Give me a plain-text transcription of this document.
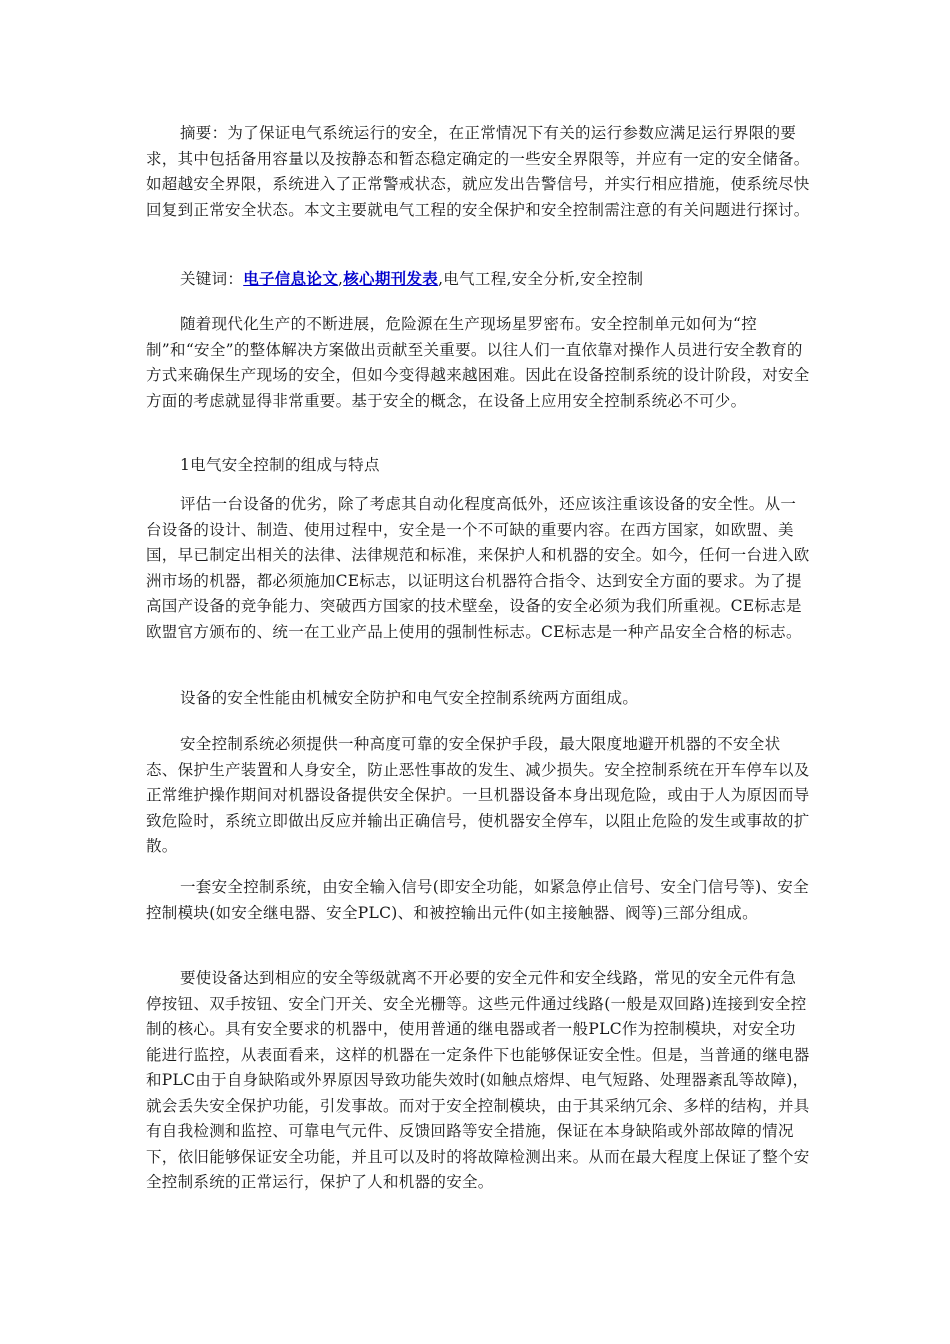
摘要：为了保证电气系统运行的安全，在正常情况下有关的运行参数应满足运行界限的要求，其中包括备用容量以及按静态和暂态稳定确定的一些安全界限等，并应有一定的安全储备。如超越安全界限，系统进入了正常警戒状态，就应发出告警信号，并实行相应措施，使系统尽快回复到正常安全状态。本文主要就电气工程的安全保护和安全控制需注意的有关问题进行探讨。

关键词：电子信息论文,核心期刊发表,电气工程,安全分析,安全控制

随着现代化生产的不断进展，危险源在生产现场星罗密布。安全控制单元如何为“控制”和“安全”的整体解决方案做出贡献至关重要。以往人们一直依靠对操作人员进行安全教育的方式来确保生产现场的安全，但如今变得越来越困难。因此在设备控制系统的设计阶段，对安全方面的考虑就显得非常重要。基于安全的概念，在设备上应用安全控制系统必不可少。

1电气安全控制的组成与特点

评估一台设备的优劣，除了考虑其自动化程度高低外，还应该注重该设备的安全性。从一台设备的设计、制造、使用过程中，安全是一个不可缺的重要内容。在西方国家，如欧盟、美国，早已制定出相关的法律、法律规范和标准，来保护人和机器的安全。如今，任何一台进入欧洲市场的机器，都必须施加CE标志，以证明这台机器符合指令、达到安全方面的要求。为了提高国产设备的竞争能力、突破西方国家的技术壁垒，设备的安全必须为我们所重视。CE标志是欧盟官方颁布的、统一在工业产品上使用的强制性标志。CE标志是一种产品安全合格的标志。

设备的安全性能由机械安全防护和电气安全控制系统两方面组成。

安全控制系统必须提供一种高度可靠的安全保护手段，最大限度地避开机器的不安全状态、保护生产装置和人身安全，防止恶性事故的发生、减少损失。安全控制系统在开车停车以及正常维护操作期间对机器设备提供安全保护。一旦机器设备本身出现危险，或由于人为原因而导致危险时，系统立即做出反应并输出正确信号，使机器安全停车，以阻止危险的发生或事故的扩散。

一套安全控制系统，由安全输入信号(即安全功能，如紧急停止信号、安全门信号等)、安全控制模块(如安全继电器、安全PLC)、和被控输出元件(如主接触器、阀等)三部分组成。

要使设备达到相应的安全等级就离不开必要的安全元件和安全线路，常见的安全元件有急停按钮、双手按钮、安全门开关、安全光栅等。这些元件通过线路(一般是双回路)连接到安全控制的核心。具有安全要求的机器中，使用普通的继电器或者一般PLC作为控制模块，对安全功能进行监控，从表面看来，这样的机器在一定条件下也能够保证安全性。但是，当普通的继电器和PLC由于自身缺陷或外界原因导致功能失效时(如触点熔焊、电气短路、处理器紊乱等故障)，就会丢失安全保护功能，引发事故。而对于安全控制模块，由于其采纳冗余、多样的结构，并具有自我检测和监控、可靠电气元件、反馈回路等安全措施，保证在本身缺陷或外部故障的情况下，依旧能够保证安全功能，并且可以及时的将故障检测出来。从而在最大程度上保证了整个安全控制系统的正常运行，保护了人和机器的安全。
